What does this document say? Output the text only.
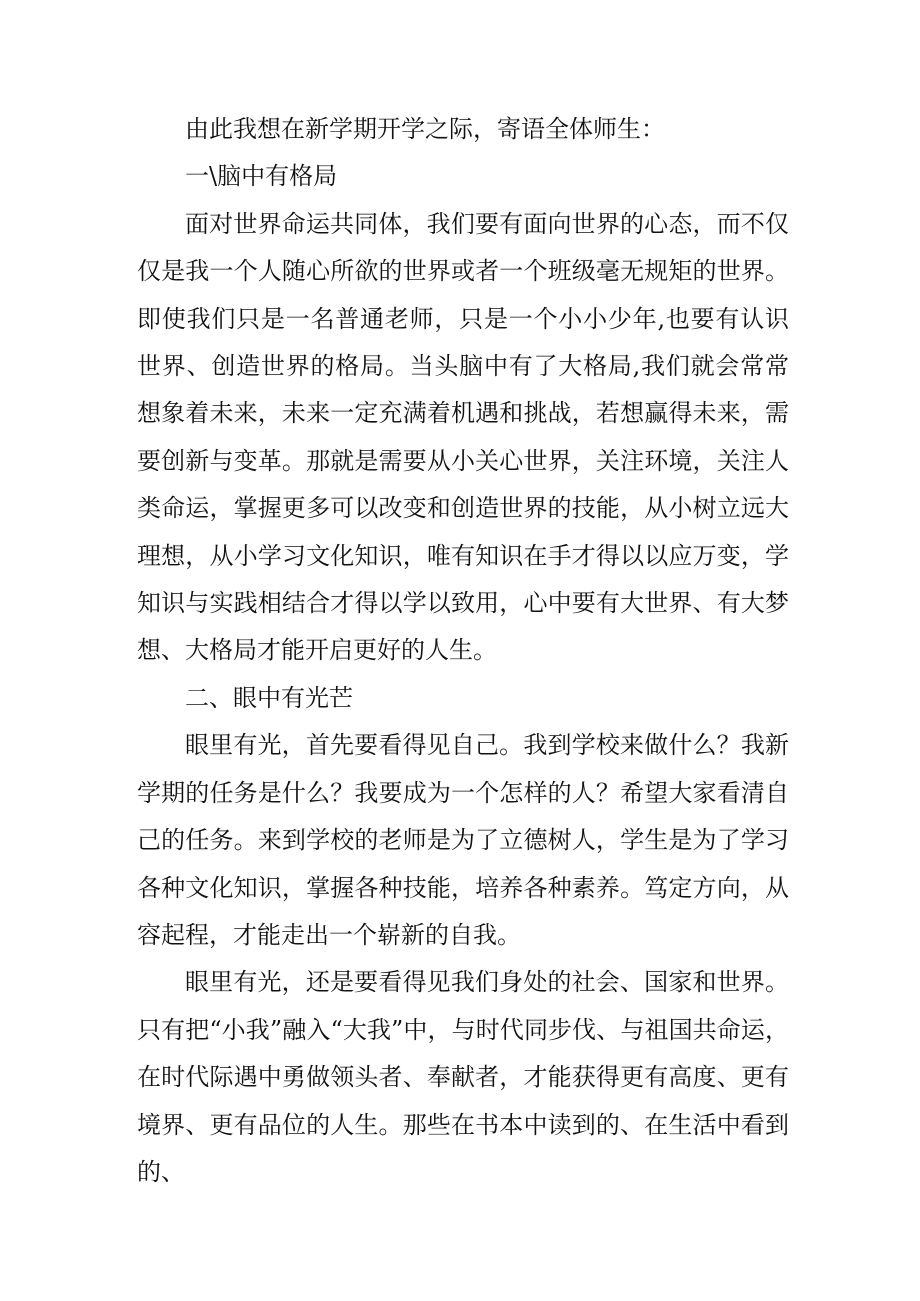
由此我想在新学期开学之际，寄语全体师生：

一\脑中有格局

面对世界命运共同体，我们要有面向世界的心态，而不仅仅是我一个人随心所欲的世界或者一个班级毫无规矩的世界。即使我们只是一名普通老师，只是一个小小少年,也要有认识世界、创造世界的格局。当头脑中有了大格局,我们就会常常想象着未来，未来一定充满着机遇和挑战，若想赢得未来，需要创新与变革。那就是需要从小关心世界，关注环境，关注人类命运，掌握更多可以改变和创造世界的技能，从小树立远大理想，从小学习文化知识，唯有知识在手才得以以应万变，学知识与实践相结合才得以学以致用，心中要有大世界、有大梦想、大格局才能开启更好的人生。

二、眼中有光芒

眼里有光，首先要看得见自己。我到学校来做什么？我新学期的任务是什么？我要成为一个怎样的人？希望大家看清自己的任务。来到学校的老师是为了立德树人，学生是为了学习各种文化知识，掌握各种技能，培养各种素养。笃定方向，从容起程，才能走出一个崭新的自我。

眼里有光，还是要看得见我们身处的社会、国家和世界。只有把“小我”融入“大我”中，与时代同步伐、与祖国共命运，在时代际遇中勇做领头者、奉献者，才能获得更有高度、更有境界、更有品位的人生。那些在书本中读到的、在生活中看到的、
